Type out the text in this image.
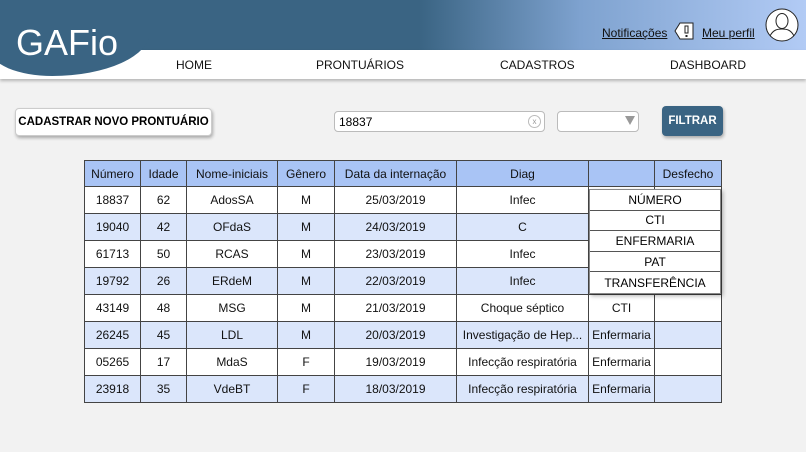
GAFio	Notificações	Meu perfil
HOME	PRONTUÁRIOS	CADASTROS	DASHBOARD
CADASTRAR NOVO PRONTUÁRIO
18837	x	FILTRAR
Número	Idade	Nome-iniciais	Gênero	Data da internação	Diag		Desfecho
18837	62	AdosSA	M	25/03/2019	Infec		
19040	42	OFdaS	M	24/03/2019	C		
61713	50	RCAS	M	23/03/2019	Infec		
19792	26	ERdeM	M	22/03/2019	Infec		
43149	48	MSG	M	21/03/2019	Choque séptico	CTI	
26245	45	LDL	M	20/03/2019	Investigação de Hep...	Enfermaria	
05265	17	MdaS	F	19/03/2019	Infecção respiratória	Enfermaria	
23918	35	VdeBT	F	18/03/2019	Infecção respiratória	Enfermaria	
NÚMERO
CTI
ENFERMARIA
PAT
TRANSFERÊNCIA
